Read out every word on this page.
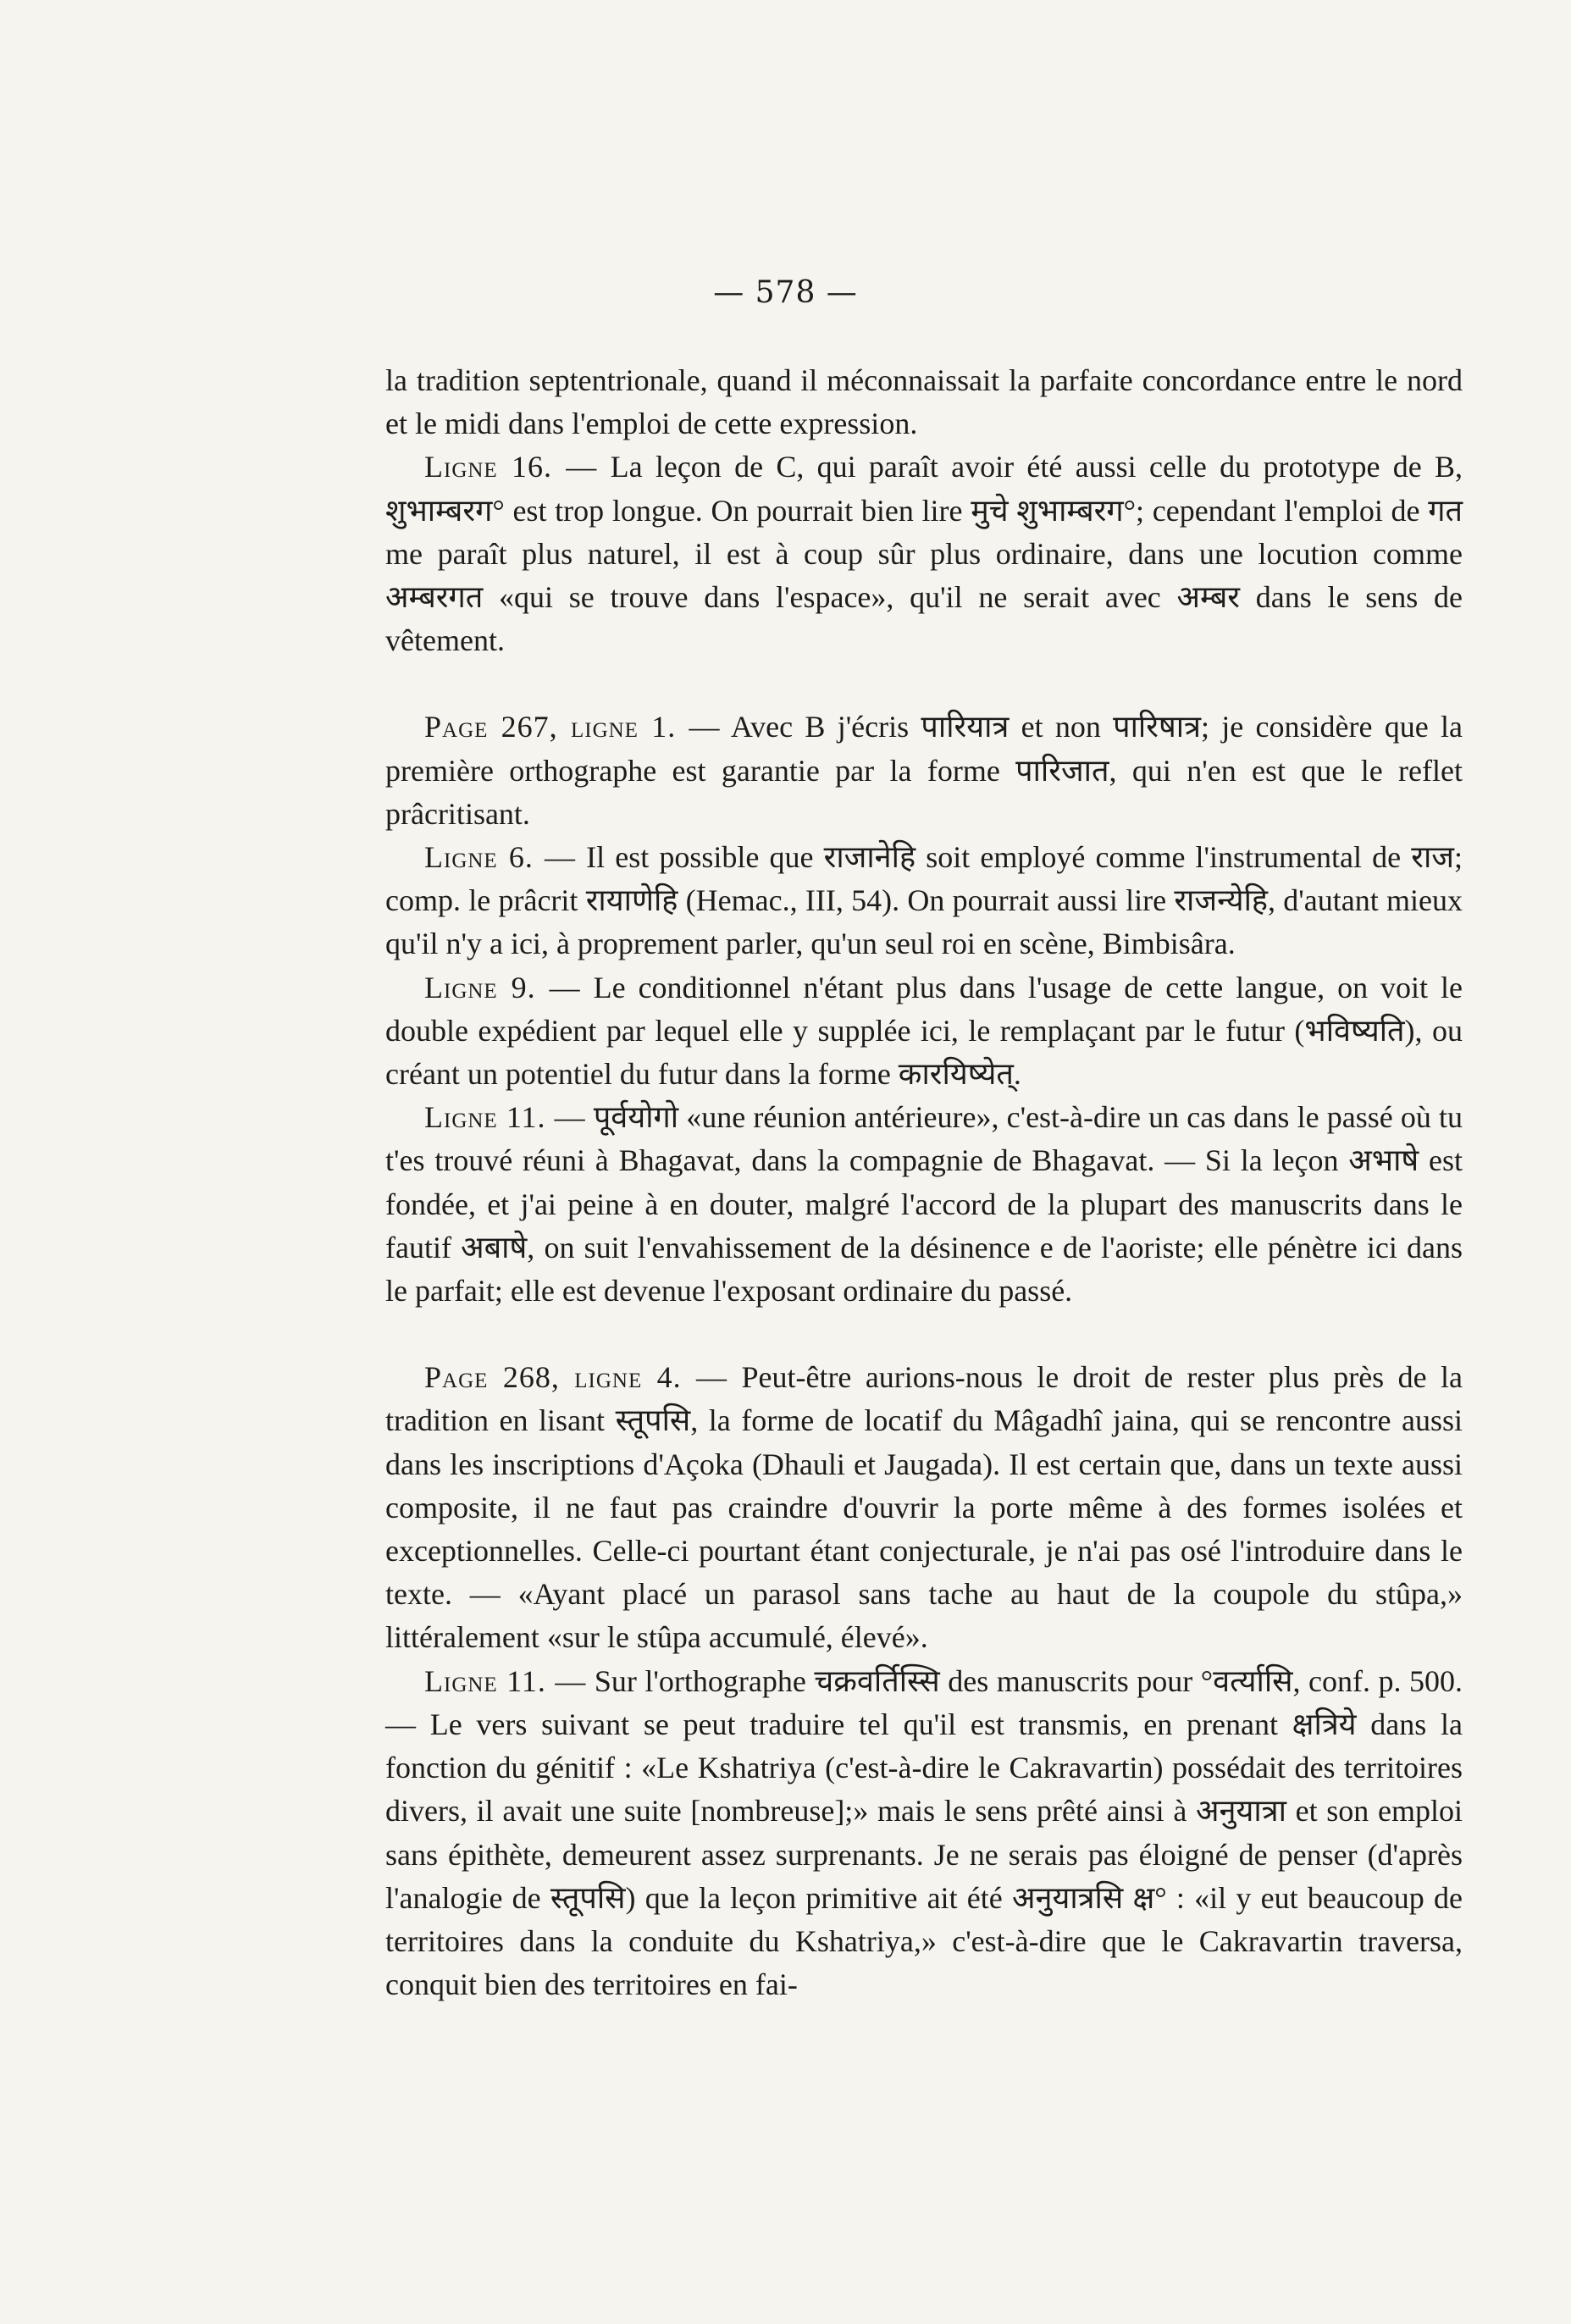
— 578 —

la tradition septentrionale, quand il méconnaissait la parfaite concordance entre le nord et le midi dans l'emploi de cette expression.

Ligne 16. — La leçon de C, qui paraît avoir été aussi celle du prototype de B, शुभाम्बरग° est trop longue. On pourrait bien lire मुचे शुभाम्बरग°; cependant l'emploi de गत me paraît plus naturel, il est à coup sûr plus ordinaire, dans une locution comme अम्बरगत «qui se trouve dans l'espace», qu'il ne serait avec अम्बर dans le sens de vêtement.

Page 267, ligne 1. — Avec B j'écris पारियात्र et non पारिषात्र; je considère que la première orthographe est garantie par la forme पारिजात, qui n'en est que le reflet prâcritisant.

Ligne 6. — Il est possible que राजानेहि soit employé comme l'instrumental de राज; comp. le prâcrit रायाणेहि (Hemac., III, 54). On pourrait aussi lire राजन्येहि, d'autant mieux qu'il n'y a ici, à proprement parler, qu'un seul roi en scène, Bimbisâra.

Ligne 9. — Le conditionnel n'étant plus dans l'usage de cette langue, on voit le double expédient par lequel elle y supplée ici, le remplaçant par le futur (भविष्यति), ou créant un potentiel du futur dans la forme कारयिष्येत्.

Ligne 11. — पूर्वयोगो «une réunion antérieure», c'est-à-dire un cas dans le passé où tu t'es trouvé réuni à Bhagavat, dans la compagnie de Bhagavat. — Si la leçon अभाषे est fondée, et j'ai peine à en douter, malgré l'accord de la plupart des manuscrits dans le fautif अबाषे, on suit l'envahissement de la désinence e de l'aoriste; elle pénètre ici dans le parfait; elle est devenue l'exposant ordinaire du passé.

Page 268, ligne 4. — Peut-être aurions-nous le droit de rester plus près de la tradition en lisant स्तूपसि, la forme de locatif du Mâgadhî jaina, qui se rencontre aussi dans les inscriptions d'Açoka (Dhauli et Jaugada). Il est certain que, dans un texte aussi composite, il ne faut pas craindre d'ouvrir la porte même à des formes isolées et exceptionnelles. Celle-ci pourtant étant conjecturale, je n'ai pas osé l'introduire dans le texte. — «Ayant placé un parasol sans tache au haut de la coupole du stûpa,» littéralement «sur le stûpa accumulé, élevé».

Ligne 11. — Sur l'orthographe चक्रवर्तिस्सि des manuscrits pour °वर्त्यासि, conf. p. 500. — Le vers suivant se peut traduire tel qu'il est transmis, en prenant क्षत्रिये dans la fonction du génitif : «Le Kshatriya (c'est-à-dire le Cakravartin) possédait des territoires divers, il avait une suite [nombreuse];» mais le sens prêté ainsi à अनुयात्रा et son emploi sans épithète, demeurent assez surprenants. Je ne serais pas éloigné de penser (d'après l'analogie de स्तूपसि) que la leçon primitive ait été अनुयात्रसि क्ष° : «il y eut beaucoup de territoires dans la conduite du Kshatriya,» c'est-à-dire que le Cakravartin traversa, conquit bien des territoires en fai-
